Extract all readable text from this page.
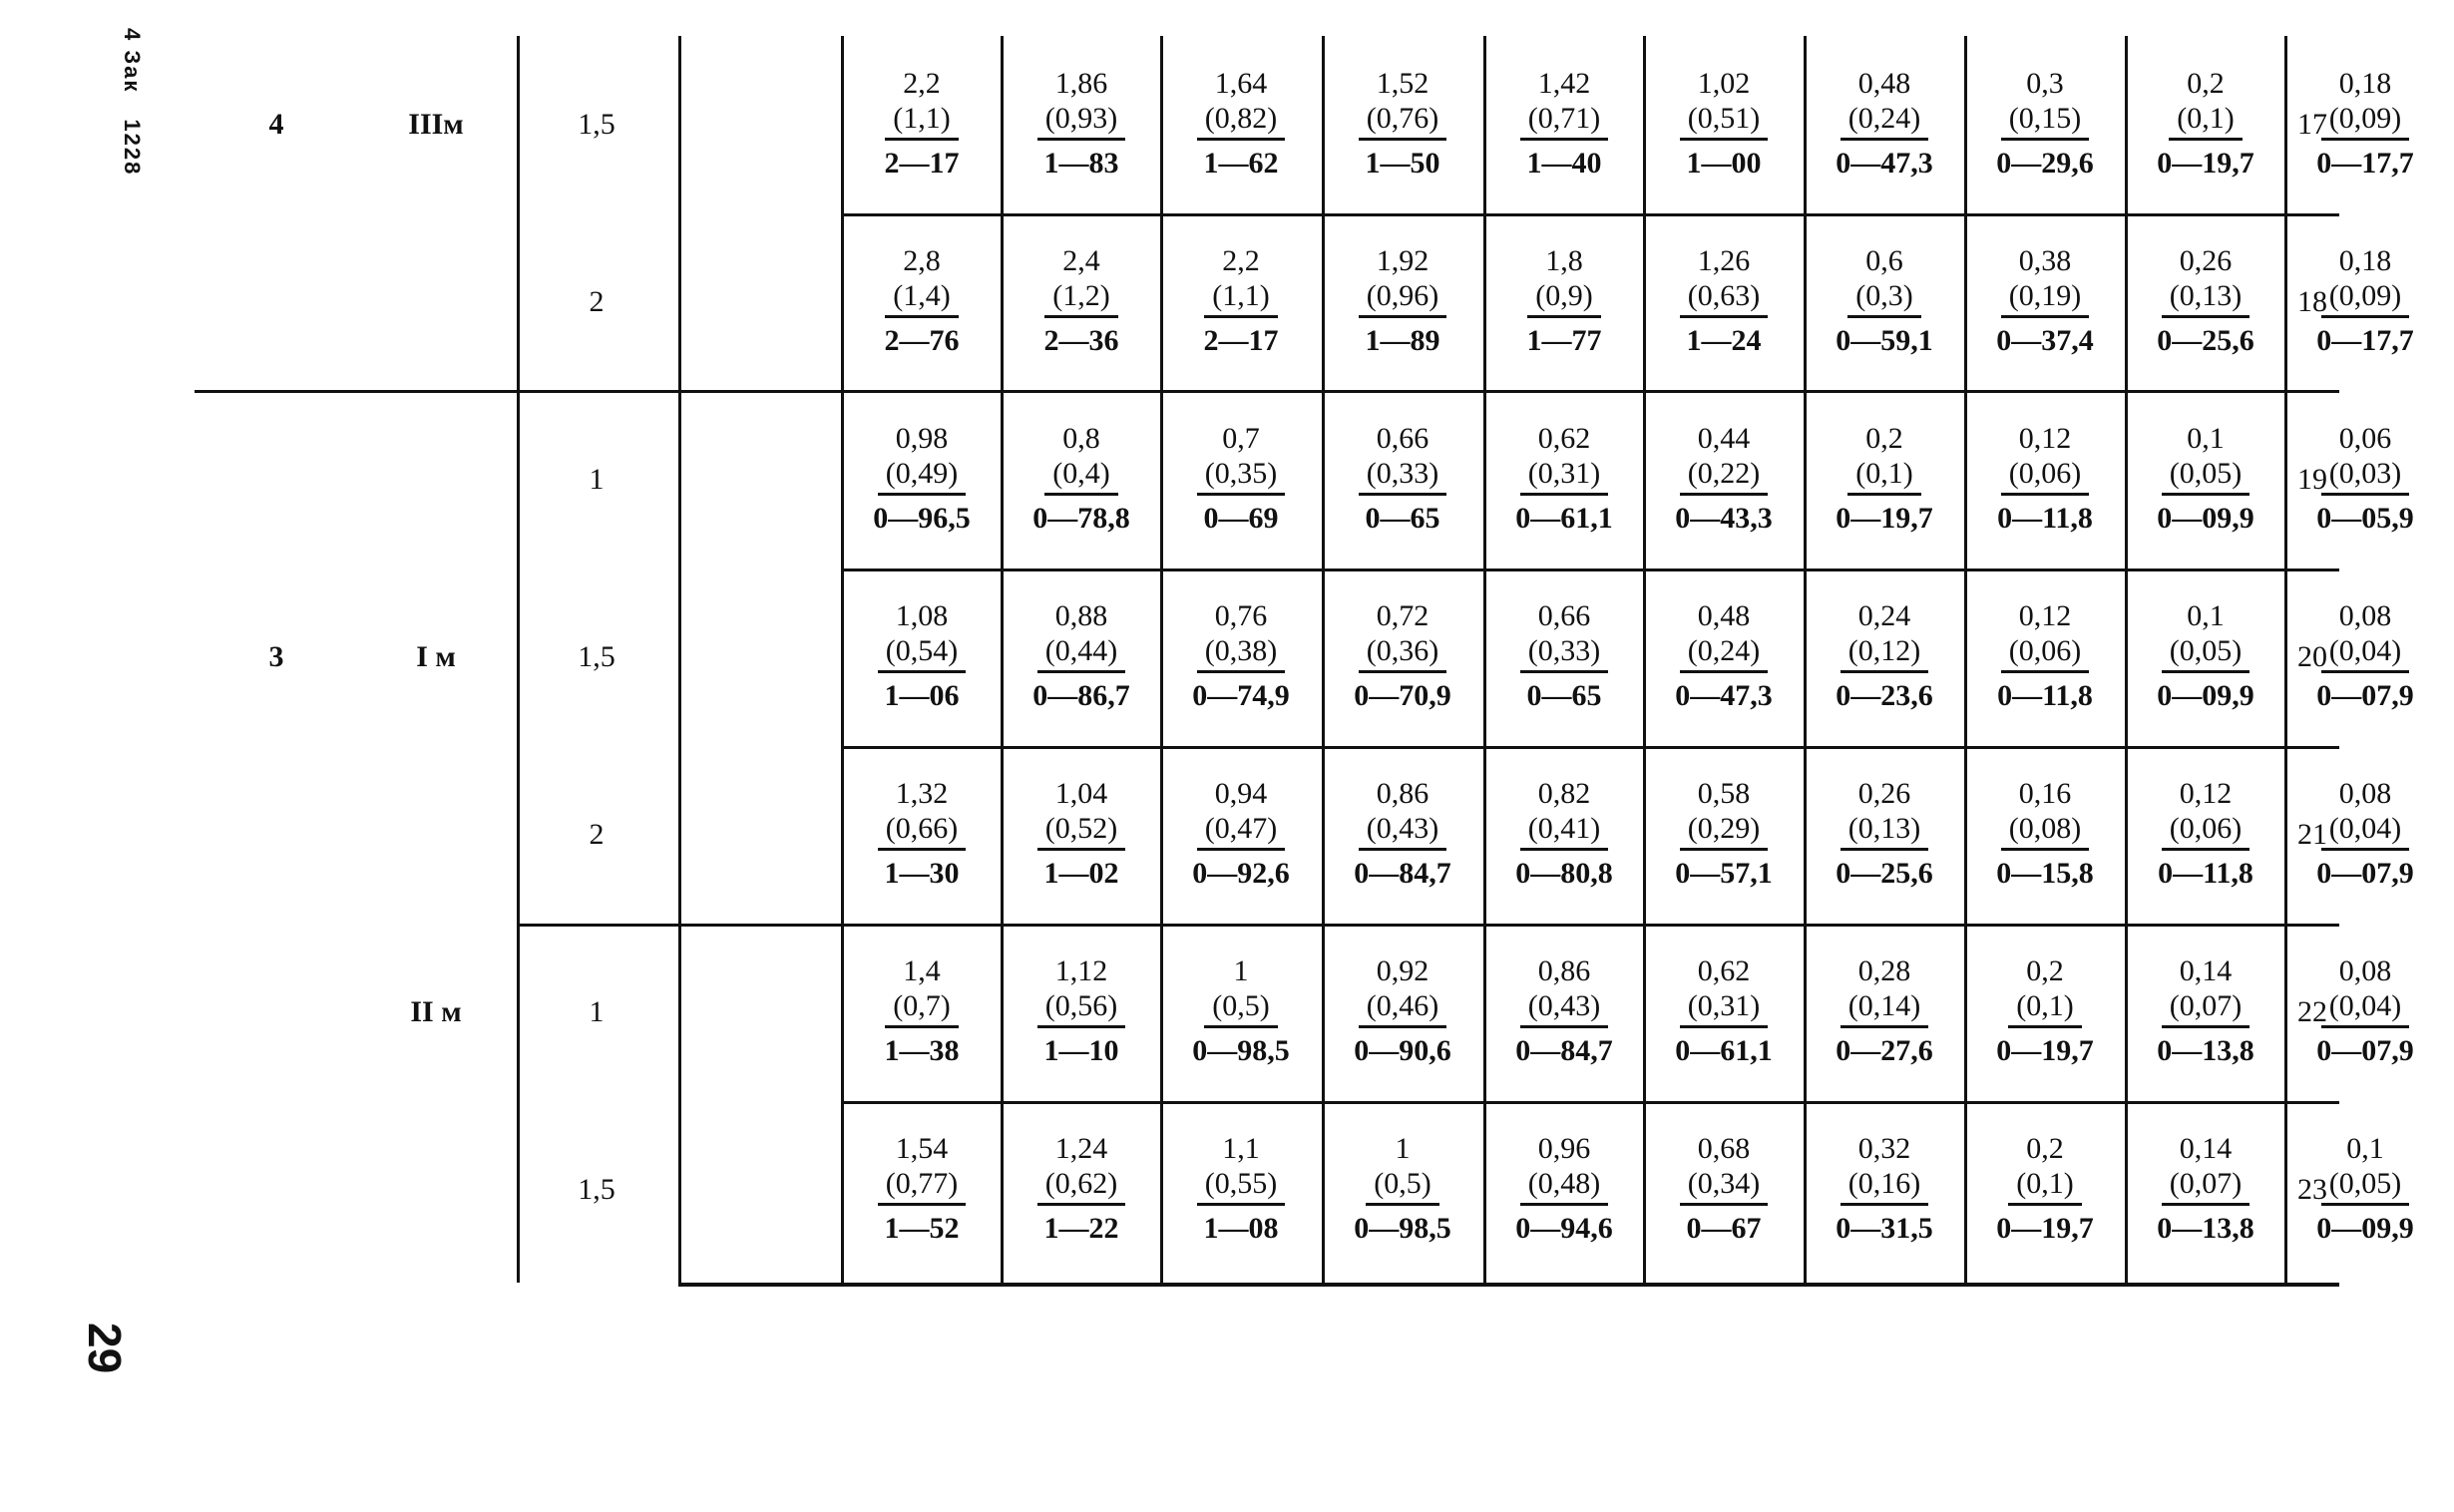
4 Зак1228
29
4	IIIм
3	I м
II м
1,5
2,2
(1,1)
2—17
1,86
(0,93)
1—83
1,64
(0,82)
1—62
1,52
(0,76)
1—50
1,42
(0,71)
1—40
1,02
(0,51)
1—00
0,48
(0,24)
0—47,3
0,3
(0,15)
0—29,6
0,2
(0,1)
0—19,7
0,18
(0,09)
0—17,7
17
2
2,8
(1,4)
2—76
2,4
(1,2)
2—36
2,2
(1,1)
2—17
1,92
(0,96)
1—89
1,8
(0,9)
1—77
1,26
(0,63)
1—24
0,6
(0,3)
0—59,1
0,38
(0,19)
0—37,4
0,26
(0,13)
0—25,6
0,18
(0,09)
0—17,7
18
1
0,98
(0,49)
0—96,5
0,8
(0,4)
0—78,8
0,7
(0,35)
0—69
0,66
(0,33)
0—65
0,62
(0,31)
0—61,1
0,44
(0,22)
0—43,3
0,2
(0,1)
0—19,7
0,12
(0,06)
0—11,8
0,1
(0,05)
0—09,9
0,06
(0,03)
0—05,9
19
1,5
1,08
(0,54)
1—06
0,88
(0,44)
0—86,7
0,76
(0,38)
0—74,9
0,72
(0,36)
0—70,9
0,66
(0,33)
0—65
0,48
(0,24)
0—47,3
0,24
(0,12)
0—23,6
0,12
(0,06)
0—11,8
0,1
(0,05)
0—09,9
0,08
(0,04)
0—07,9
20
2
1,32
(0,66)
1—30
1,04
(0,52)
1—02
0,94
(0,47)
0—92,6
0,86
(0,43)
0—84,7
0,82
(0,41)
0—80,8
0,58
(0,29)
0—57,1
0,26
(0,13)
0—25,6
0,16
(0,08)
0—15,8
0,12
(0,06)
0—11,8
0,08
(0,04)
0—07,9
21
1
1,4
(0,7)
1—38
1,12
(0,56)
1—10
1
(0,5)
0—98,5
0,92
(0,46)
0—90,6
0,86
(0,43)
0—84,7
0,62
(0,31)
0—61,1
0,28
(0,14)
0—27,6
0,2
(0,1)
0—19,7
0,14
(0,07)
0—13,8
0,08
(0,04)
0—07,9
22
1,5
1,54
(0,77)
1—52
1,24
(0,62)
1—22
1,1
(0,55)
1—08
1
(0,5)
0—98,5
0,96
(0,48)
0—94,6
0,68
(0,34)
0—67
0,32
(0,16)
0—31,5
0,2
(0,1)
0—19,7
0,14
(0,07)
0—13,8
0,1
(0,05)
0—09,9
23
